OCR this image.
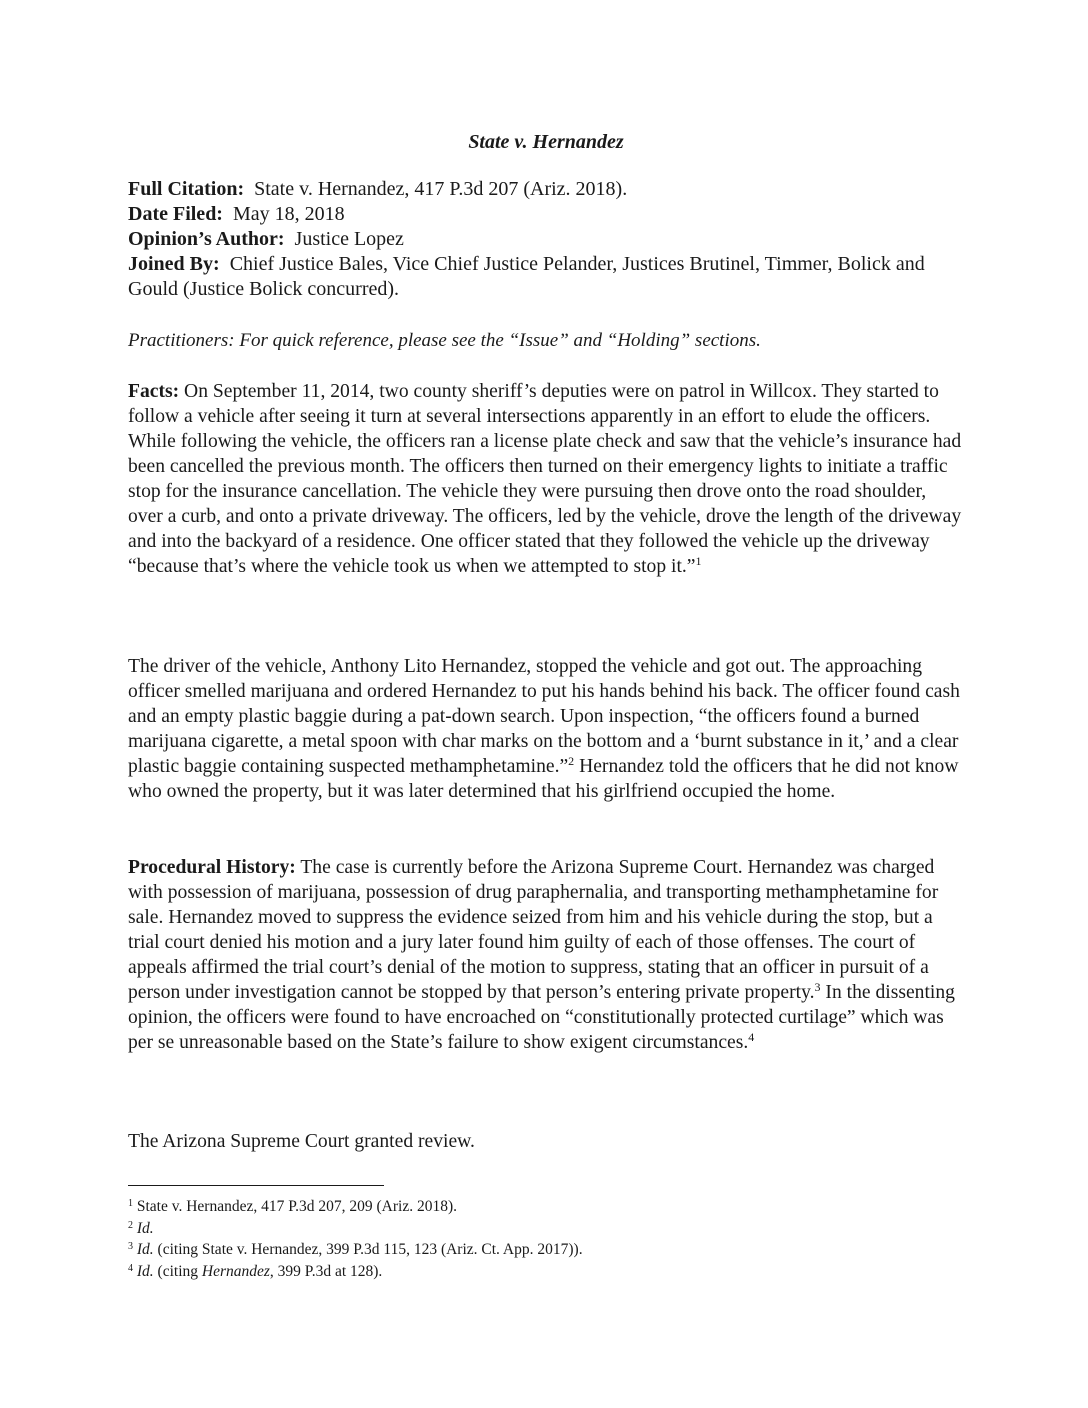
State v. Hernandez

Full Citation: State v. Hernandez, 417 P.3d 207 (Ariz. 2018).

Date Filed: May 18, 2018

Opinion’s Author: Justice Lopez

Joined By: Chief Justice Bales, Vice Chief Justice Pelander, Justices Brutinel, Timmer, Bolick and Gould (Justice Bolick concurred).

Practitioners: For quick reference, please see the “Issue” and “Holding” sections.

Facts: On September 11, 2014, two county sheriff’s deputies were on patrol in Willcox. They started to follow a vehicle after seeing it turn at several intersections apparently in an effort to elude the officers. While following the vehicle, the officers ran a license plate check and saw that the vehicle’s insurance had been cancelled the previous month. The officers then turned on their emergency lights to initiate a traffic stop for the insurance cancellation. The vehicle they were pursuing then drove onto the road shoulder, over a curb, and onto a private driveway. The officers, led by the vehicle, drove the length of the driveway and into the backyard of a residence. One officer stated that they followed the vehicle up the driveway “because that’s where the vehicle took us when we attempted to stop it.”$^1$

The driver of the vehicle, Anthony Lito Hernandez, stopped the vehicle and got out. The approaching officer smelled marijuana and ordered Hernandez to put his hands behind his back. The officer found cash and an empty plastic baggie during a pat-down search. Upon inspection, “the officers found a burned marijuana cigarette, a metal spoon with char marks on the bottom and a ‘burnt substance in it,’ and a clear plastic baggie containing suspected methamphetamine.”$^2$ Hernandez told the officers that he did not know who owned the property, but it was later determined that his girlfriend occupied the home.

Procedural History: The case is currently before the Arizona Supreme Court. Hernandez was charged with possession of marijuana, possession of drug paraphernalia, and transporting methamphetamine for sale. Hernandez moved to suppress the evidence seized from him and his vehicle during the stop, but a trial court denied his motion and a jury later found him guilty of each of those offenses. The court of appeals affirmed the trial court’s denial of the motion to suppress, stating that an officer in pursuit of a person under investigation cannot be stopped by that person’s entering private property.$^3$ In the dissenting opinion, the officers were found to have encroached on “constitutionally protected curtilage” which was per se unreasonable based on the State’s failure to show exigent circumstances.$^4$

The Arizona Supreme Court granted review.

$^1$ State v. Hernandez, 417 P.3d 207, 209 (Ariz. 2018).

$^2$ Id.

$^3$ Id. (citing State v. Hernandez, 399 P.3d 115, 123 (Ariz. Ct. App. 2017)).

$^4$ Id. (citing Hernandez, 399 P.3d at 128).
